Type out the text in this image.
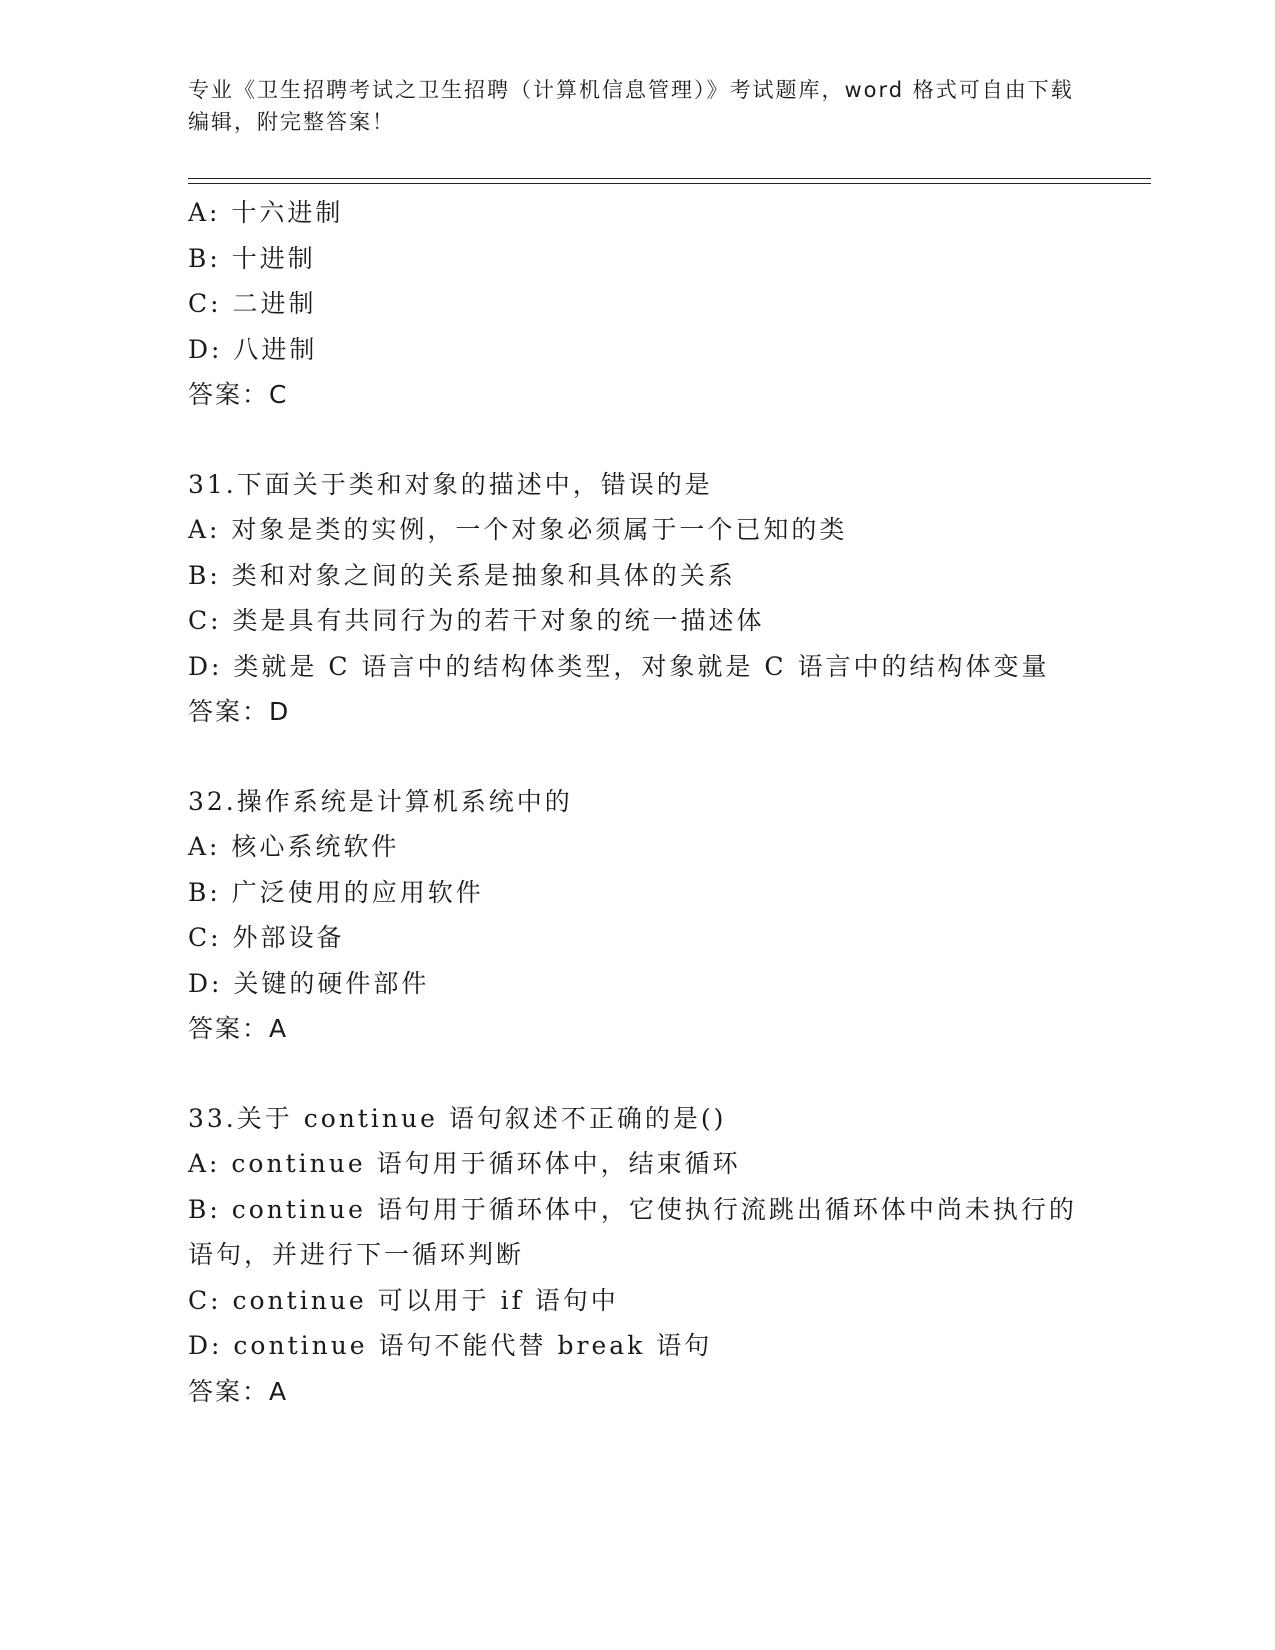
专业《卫生招聘考试之卫生招聘（计算机信息管理）》考试题库，word 格式可自由下载编辑，附完整答案！
A: 十六进制
B: 十进制
C: 二进制
D: 八进制
答案：C
31.下面关于类和对象的描述中，错误的是
A: 对象是类的实例，一个对象必须属于一个已知的类
B: 类和对象之间的关系是抽象和具体的关系
C: 类是具有共同行为的若干对象的统一描述体
D: 类就是 C 语言中的结构体类型，对象就是 C 语言中的结构体变量
答案：D
32.操作系统是计算机系统中的
A: 核心系统软件
B: 广泛使用的应用软件
C: 外部设备
D: 关键的硬件部件
答案：A
33.关于 continue 语句叙述不正确的是()
A: continue 语句用于循环体中，结束循环
B: continue 语句用于循环体中，它使执行流跳出循环体中尚未执行的语句，并进行下一循环判断
C: continue 可以用于 if 语句中
D: continue 语句不能代替 break 语句
答案：A
